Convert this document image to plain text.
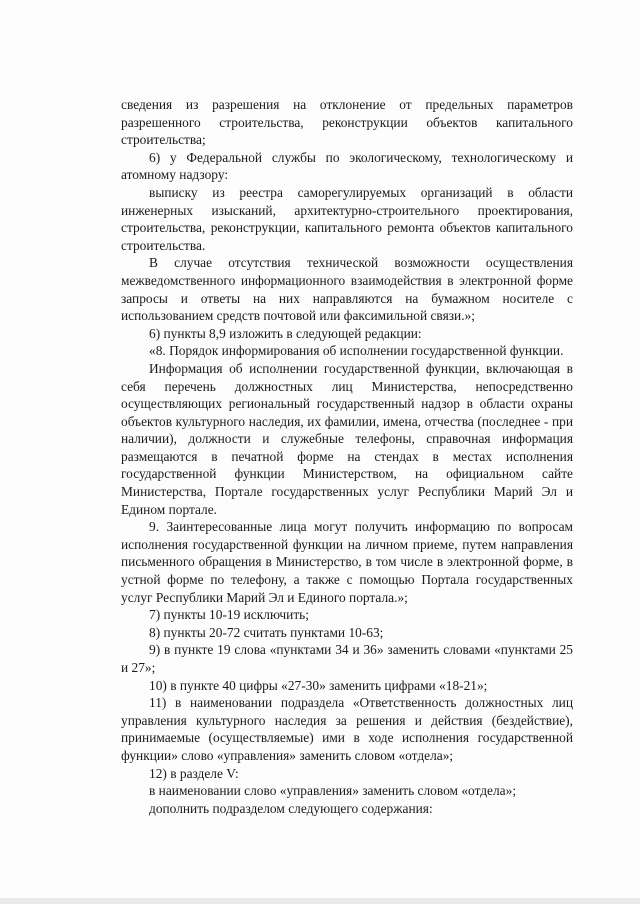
сведения из разрешения на отклонение от предельных параметров разрешенного строительства, реконструкции объектов капитального строительства;

6) у Федеральной службы по экологическому, технологическому и атомному надзору:

выписку из реестра саморегулируемых организаций в области инженерных изысканий, архитектурно-строительного проектирования, строительства, реконструкции, капитального ремонта объектов капитального строительства.

В случае отсутствия технической возможности осуществления межведомственного информационного взаимодействия в электронной форме запросы и ответы на них направляются на бумажном носителе с использованием средств почтовой или факсимильной связи.»;

6) пункты 8,9 изложить в следующей редакции:

«8. Порядок информирования об исполнении государственной функции.

Информация об исполнении государственной функции, включающая в себя перечень должностных лиц Министерства, непосредственно осуществляющих региональный государственный надзор в области охраны объектов культурного наследия, их фамилии, имена, отчества (последнее - при наличии), должности и служебные телефоны, справочная информация размещаются в печатной форме на стендах в местах исполнения государственной функции Министерством, на официальном сайте Министерства, Портале государственных услуг Республики Марий Эл и Едином портале.

9. Заинтересованные лица могут получить информацию по вопросам исполнения государственной функции на личном приеме, путем направления письменного обращения в Министерство, в том числе в электронной форме, в устной форме по телефону, а также с помощью Портала государственных услуг Республики Марий Эл и Единого портала.»;

7) пункты 10-19 исключить;

8) пункты 20-72 считать пунктами 10-63;

9) в пункте 19 слова «пунктами 34 и 36» заменить словами «пунктами 25 и 27»;

10) в пункте 40 цифры «27-30» заменить цифрами «18-21»;

11) в наименовании подраздела «Ответственность должностных лиц управления культурного наследия за решения и действия (бездействие), принимаемые (осуществляемые) ими в ходе исполнения государственной функции» слово «управления» заменить словом «отдела»;

12) в разделе V:

в наименовании слово «управления» заменить словом «отдела»;

дополнить подразделом следующего содержания:
